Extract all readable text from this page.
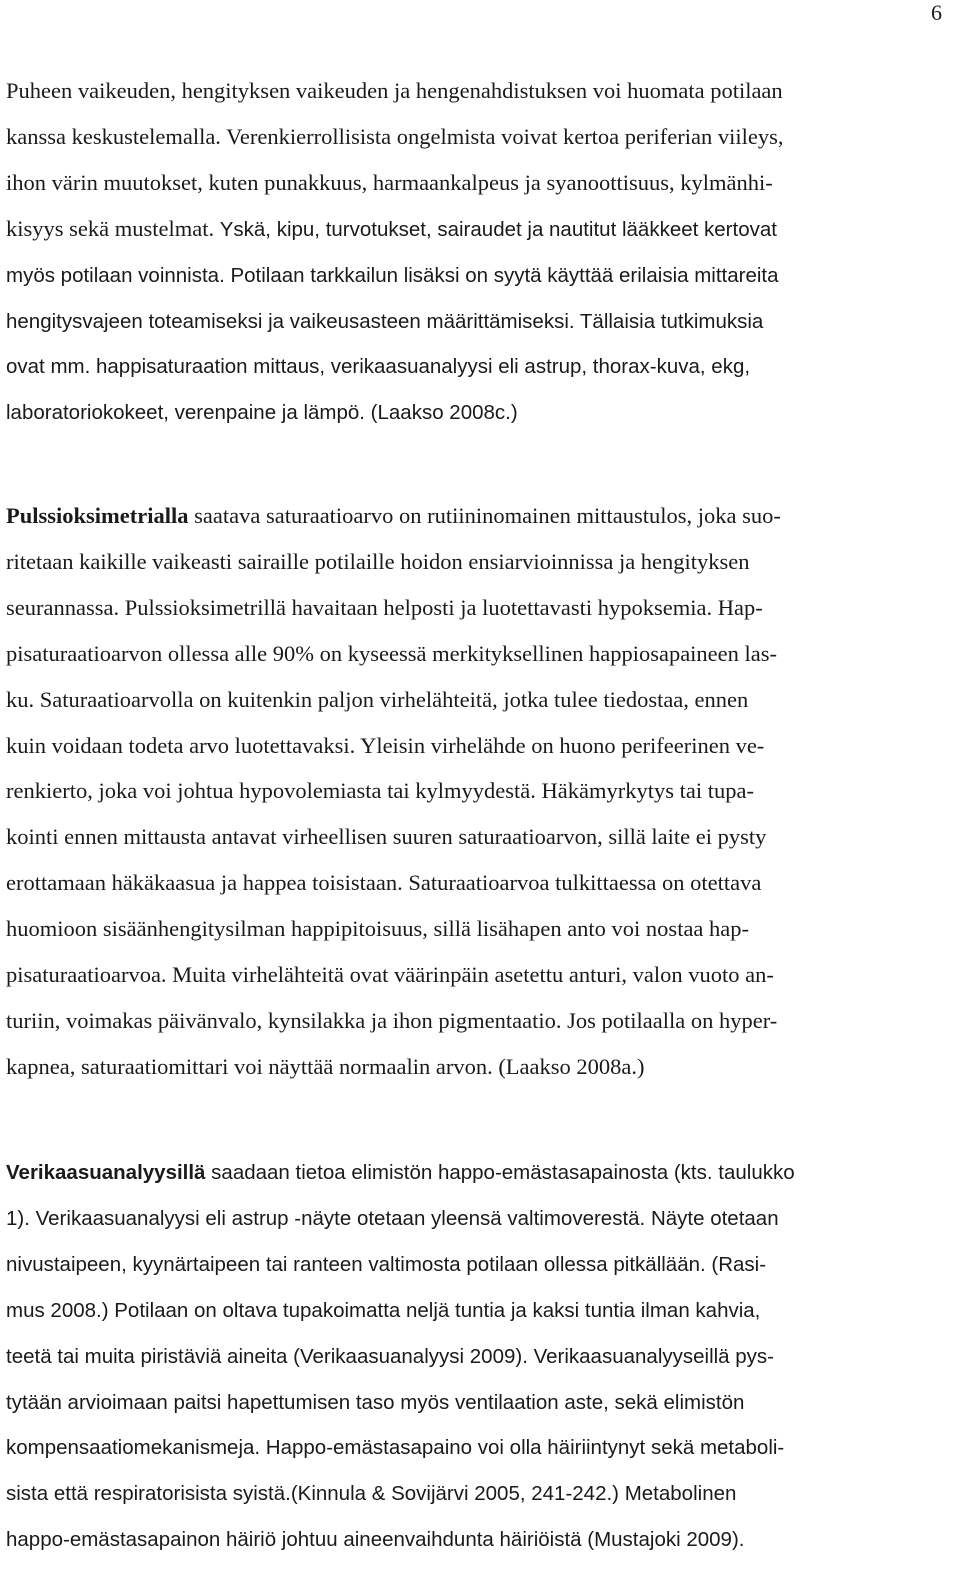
6
Puheen vaikeuden, hengityksen vaikeuden ja hengenahdistuksen voi huomata potilaan
kanssa keskustelemalla. Verenkierrollisista ongelmista voivat kertoa periferian viileys,
ihon värin muutokset, kuten punakkuus, harmaankalpeus ja syanoottisuus, kylmänhi-
kisyys sekä mustelmat. Yskä, kipu, turvotukset, sairaudet ja nautitut lääkkeet kertovat
myös potilaan voinnista. Potilaan tarkkailun lisäksi on syytä käyttää erilaisia mittareita
hengitysvajeen toteamiseksi ja vaikeusasteen määrittämiseksi. Tällaisia tutkimuksia
ovat mm. happisaturaation mittaus, verikaasuanalyysi eli astrup, thorax-kuva, ekg,
laboratoriokokeet, verenpaine ja lämpö. (Laakso 2008c.)
Pulssioksimetrialla saatava saturaatioarvo on rutiininomainen mittaustulos, joka suo-
ritetaan kaikille vaikeasti sairaille potilaille hoidon ensiarvioinnissa ja hengityksen
seurannassa. Pulssioksimetrillä havaitaan helposti ja luotettavasti hypoksemia. Hap-
pisaturaatioarvon ollessa alle 90% on kyseessä merkityksellinen happiosapaineen las-
ku. Saturaatioarvolla on kuitenkin paljon virhelähteitä, jotka tulee tiedostaa, ennen
kuin voidaan todeta arvo luotettavaksi. Yleisin virhelähde on huono perifeerinen ve-
renkierto, joka voi johtua hypovolemiasta tai kylmyydestä. Häkämyrkytys tai tupa-
kointi ennen mittausta antavat virheellisen suuren saturaatioarvon, sillä laite ei pysty
erottamaan häkäkaasua ja happea toisistaan. Saturaatioarvoa tulkittaessa on otettava
huomioon sisäänhengitysilman happipitoisuus, sillä lisähapen anto voi nostaa hap-
pisaturaatioarvoa. Muita virhelähteitä ovat väärinpäin asetettu anturi, valon vuoto an-
turiin, voimakas päivänvalo, kynsilakka ja ihon pigmentaatio. Jos potilaalla on hyper-
kapnea, saturaatiomittari voi näyttää normaalin arvon. (Laakso 2008a.)
Verikaasuanalyysillä saadaan tietoa elimistön happo-emästasapainosta (kts. taulukko
1). Verikaasuanalyysi eli astrup -näyte otetaan yleensä valtimoverestä. Näyte otetaan
nivustaipeen, kyynärtaipeen tai ranteen valtimosta potilaan ollessa pitkällään. (Rasi-
mus 2008.) Potilaan on oltava tupakoimatta neljä tuntia ja kaksi tuntia ilman kahvia,
teetä tai muita piristäviä aineita (Verikaasuanalyysi 2009). Verikaasuanalyyseillä pys-
tytään arvioimaan paitsi hapettumisen taso myös ventilaation aste, sekä elimistön
kompensaatiomekanismeja. Happo-emästasapaino voi olla häiriintynyt sekä metaboli-
sista että respiratorisista syistä.(Kinnula & Sovijärvi 2005, 241-242.) Metabolinen
happo-emästasapainon häiriö johtuu aineenvaihdunta häiriöistä (Mustajoki 2009).
